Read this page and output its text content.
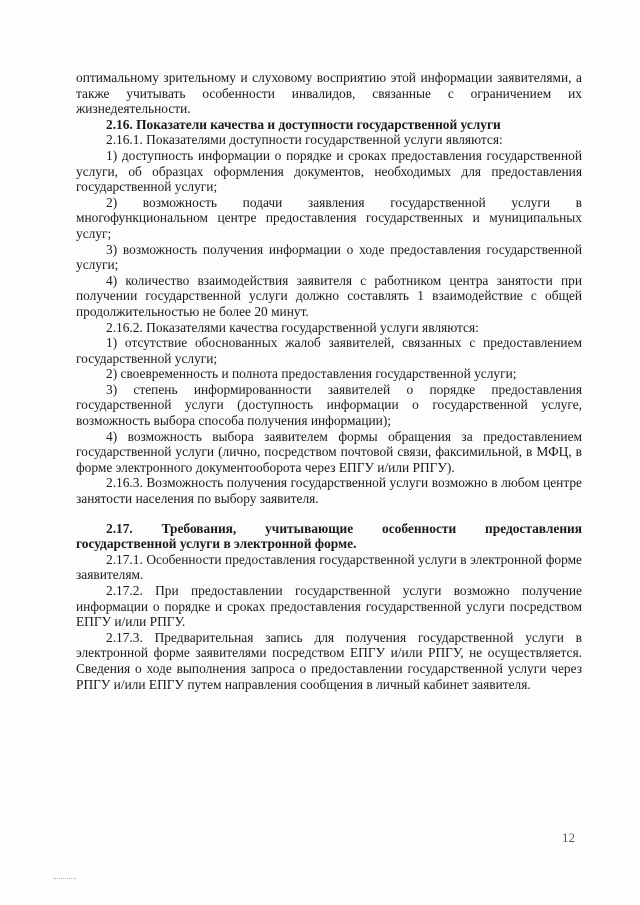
оптимальному зрительному и слуховому восприятию этой информации заявителями, а также учитывать особенности инвалидов, связанные с ограничением их жизнедеятельности.

2.16. Показатели качества и доступности государственной услуги

2.16.1. Показателями доступности государственной услуги являются:

1) доступность информации о порядке и сроках предоставления государственной услуги, об образцах оформления документов, необходимых для предоставления государственной услуги;

2) возможность подачи заявления государственной услуги в многофункциональном центре предоставления государственных и муниципальных услуг;

3) возможность получения информации о ходе предоставления государственной услуги;

4) количество взаимодействия заявителя с работником центра занятости при получении государственной услуги должно составлять 1 взаимодействие с общей продолжительностью не более 20 минут.

2.16.2. Показателями качества государственной услуги являются:

1) отсутствие обоснованных жалоб заявителей, связанных с предоставлением государственной услуги;

2) своевременность и полнота предоставления государственной услуги;

3) степень информированности заявителей о порядке предоставления государственной услуги (доступность информации о государственной услуге, возможность выбора способа получения информации);

4) возможность выбора заявителем формы обращения за предоставлением государственной услуги (лично, посредством почтовой связи, факсимильной, в МФЦ, в форме электронного документооборота через ЕПГУ и/или РПГУ).

2.16.3. Возможность получения государственной услуги возможно в любом центре занятости населения по выбору заявителя.

2.17. Требования, учитывающие особенности предоставления государственной услуги в электронной форме.

2.17.1. Особенности предоставления государственной услуги в электронной форме заявителям.

2.17.2. При предоставлении государственной услуги возможно получение информации о порядке и сроках предоставления государственной услуги посредством ЕПГУ и/или РПГУ.

2.17.3. Предварительная запись для получения государственной услуги в электронной форме заявителями посредством ЕПГУ и/или РПГУ, не осуществляется. Сведения о ходе выполнения запроса о предоставлении государственной услуги через РПГУ и/или ЕПГУ путем направления сообщения в личный кабинет заявителя.

12
